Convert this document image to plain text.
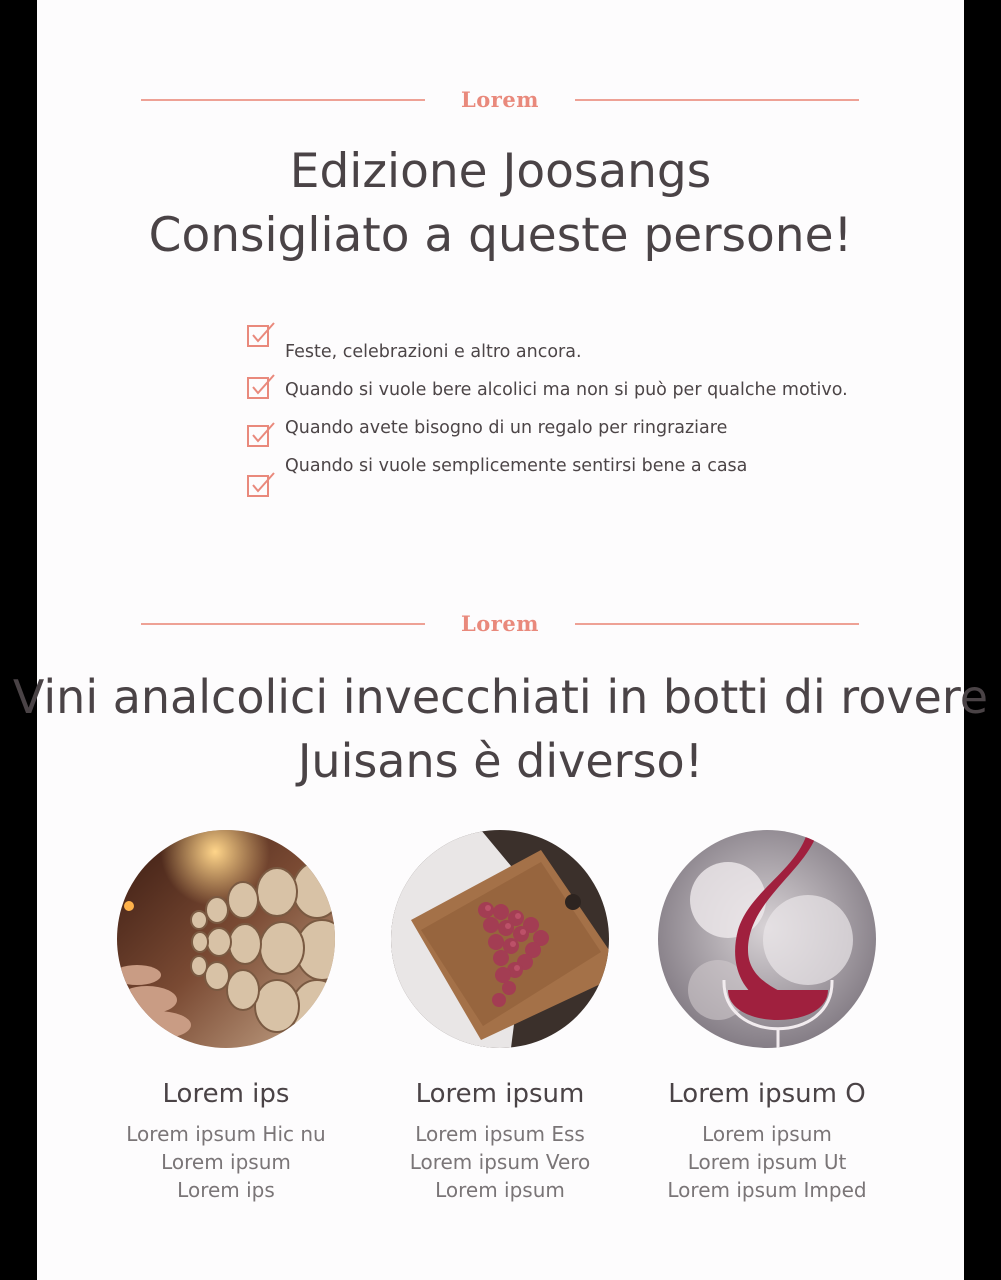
Lorem
Edizione Joosangs
Consigliato a queste persone!
Feste, celebrazioni e altro ancora.
Quando si vuole bere alcolici ma non si può per qualche motivo.
Quando avete bisogno di un regalo per ringraziare
Quando si vuole semplicemente sentirsi bene a casa
Lorem
Vini analcolici invecchiati in botti di rovere
Juisans è diverso!
Lorem ips
Lorem ipsum Hic nu
Lorem ipsum
Lorem ips
Lorem ipsum
Lorem ipsum Ess
Lorem ipsum Vero
Lorem ipsum
Lorem ipsum O
Lorem ipsum
Lorem ipsum Ut
Lorem ipsum Imped
